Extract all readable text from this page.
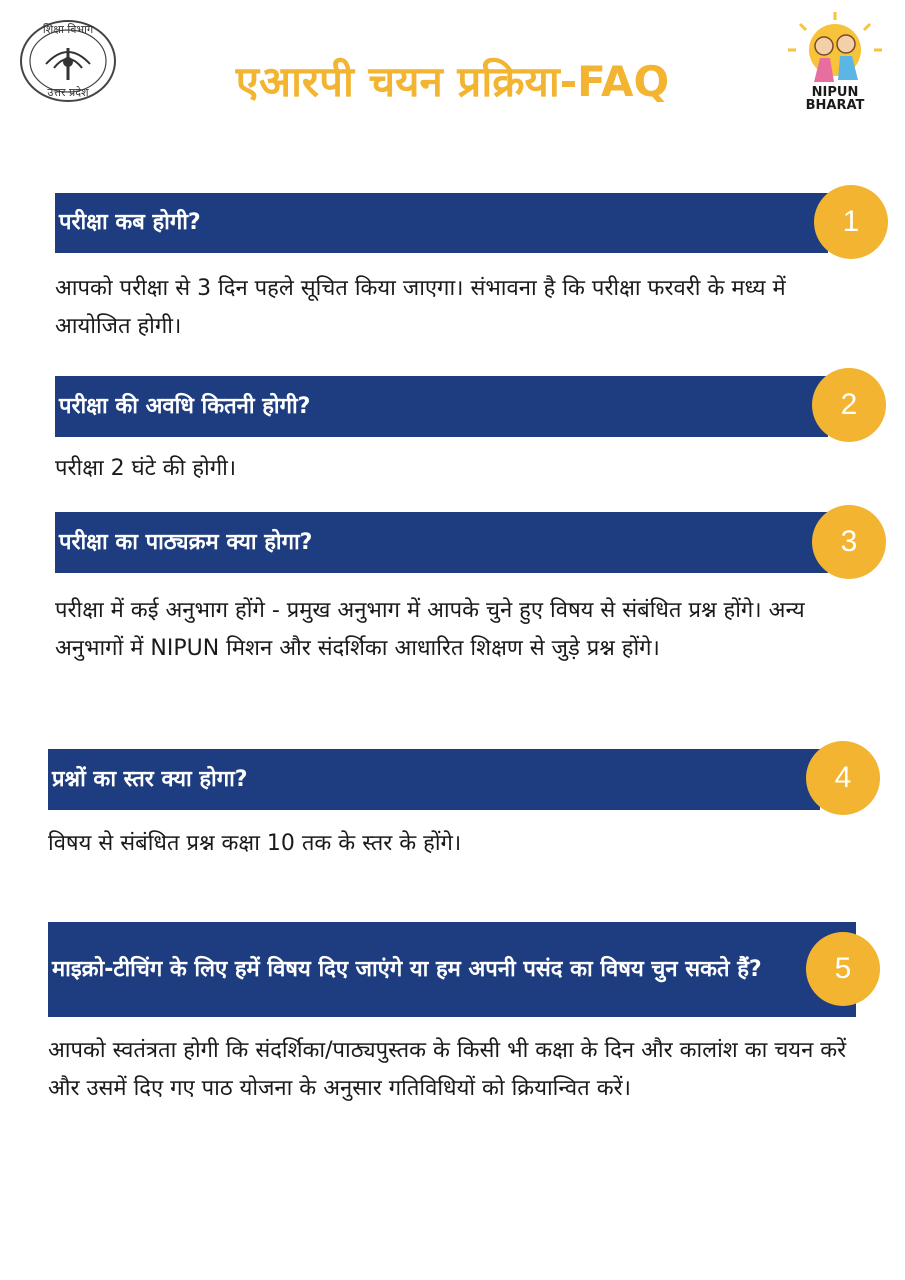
शिक्षा विभाग
उत्तर प्रदेश	एआरपी चयन प्रक्रिया-FAQ	NIPUN
BHARAT
परीक्षा कब होगी?	1

आपको परीक्षा से 3 दिन पहले सूचित किया जाएगा। संभावना है कि परीक्षा फरवरी के मध्य में आयोजित होगी।

परीक्षा की अवधि कितनी होगी?	2

परीक्षा 2 घंटे की होगी।

परीक्षा का पाठ्यक्रम क्या होगा?	3

परीक्षा में कई अनुभाग होंगे - प्रमुख अनुभाग में आपके चुने हुए विषय से संबंधित प्रश्न होंगे। अन्य अनुभागों में NIPUN मिशन और संदर्शिका आधारित शिक्षण से जुड़े प्रश्न होंगे।

प्रश्नों का स्तर क्या होगा?	4

विषय से संबंधित प्रश्न कक्षा 10 तक के स्तर के होंगे।

माइक्रो-टीचिंग के लिए हमें विषय दिए जाएंगे या हम अपनी पसंद का विषय चुन सकते हैं?	5

आपको स्वतंत्रता होगी कि संदर्शिका/पाठ्यपुस्तक के किसी भी कक्षा के दिन और कालांश का चयन करें और उसमें दिए गए पाठ योजना के अनुसार गतिविधियों को क्रियान्वित करें।
